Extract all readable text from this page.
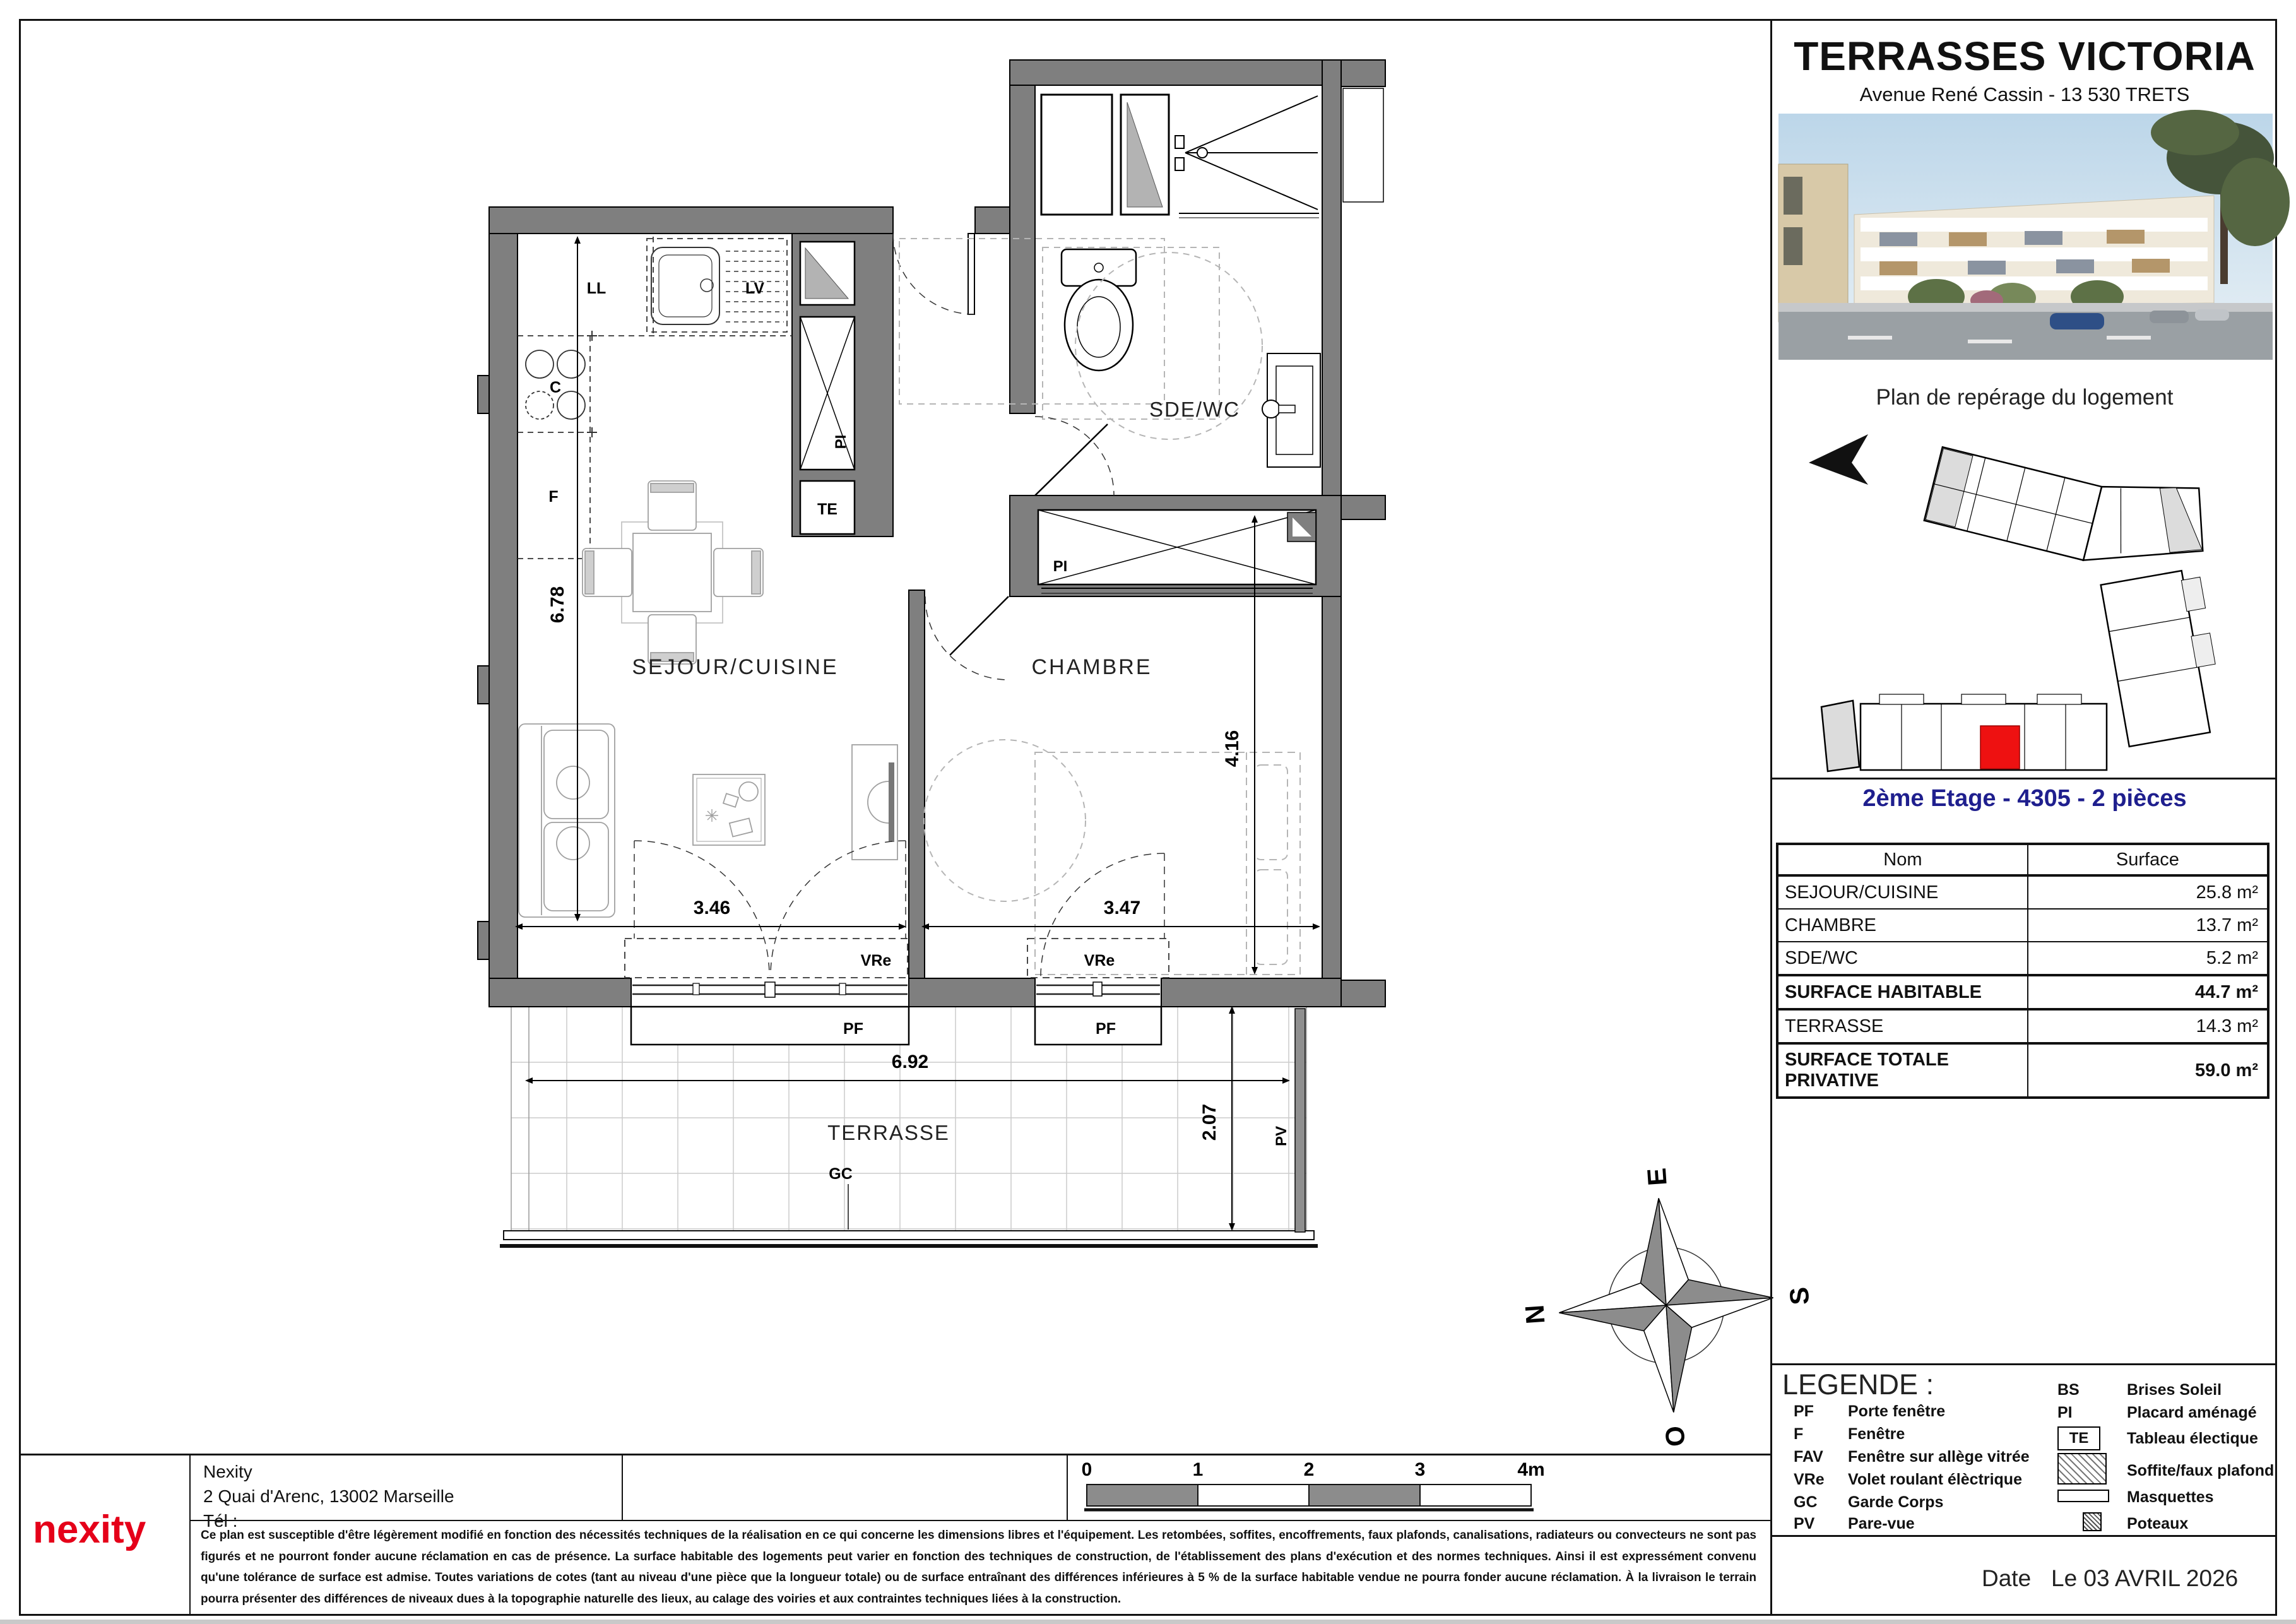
PI
TE
PI
LL	LV
C
F
SEJOUR/CUISINE	CHAMBRE
SDE/WC
TERRASSE
VRe	VRe
PF	PF
GC
PV
6.78
3.46	3.47
4.16
6.92
2.07
N
E
S
O
TERRASSES VICTORIA
Avenue René Cassin - 13 530 TRETS
Plan de repérage du logement
2ème Etage - 4305 - 2 pièces
Nom	Surface
SEJOUR/CUISINE	25.8 m²
CHAMBRE	13.7 m²
SDE/WC	5.2 m²
SURFACE HABITABLE	44.7 m²
TERRASSE	14.3 m²
SURFACE TOTALE PRIVATIVE	59.0 m²
LEGENDE :
PF	Porte fenêtre
F	Fenêtre
FAV	Fenêtre sur allège vitrée
VRe	Volet roulant élèctrique
GC	Garde Corps
PV	Pare-vue
BS	Brises Soleil
PI	Placard aménagé
TE	Tableau électique
Soffite/faux plafond
Masquettes
Poteaux
nexity
Nexity
2 Quai d'Arenc, 13002 Marseille
Tél :
0	1	2	3	4m
Ce plan est susceptible d'être légèrement modifié en fonction des nécessités techniques de la réalisation en ce qui concerne les dimensions libres et l'équipement. Les retombées, soffites, encoffrements, faux plafonds, canalisations, radiateurs ou convecteurs ne sont pas figurés et ne pourront fonder aucune réclamation en cas de présence. La surface habitable des logements peut varier en fonction des techniques de construction, de l'établissement des plans d'exécution et des normes techniques. Ainsi il est expressément convenu qu'une tolérance de surface est admise. Toutes variations de cotes (tant au niveau d'une pièce que la longueur totale) ou de surface entraînant des différences inférieures à 5 % de la surface habitable vendue ne pourra fonder aucune réclamation. À la livraison le terrain pourra présenter des différences de niveaux dues à la topographie naturelle des lieux, au calage des voiries et aux contraintes techniques liées à la construction.
Date Le 03 AVRIL 2026
